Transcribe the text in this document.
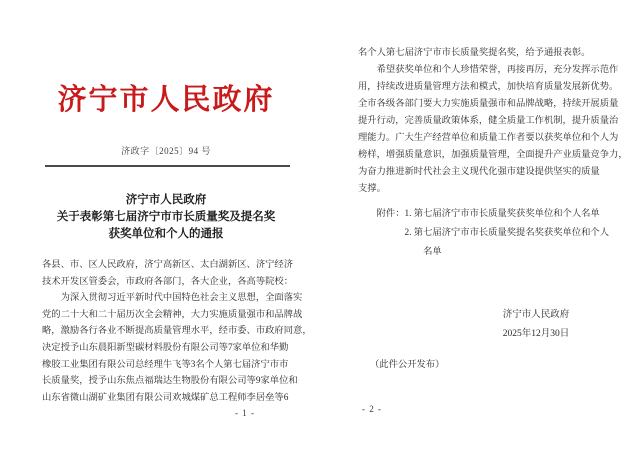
济宁市人民政府
济政字〔2025〕94 号
济宁市人民政府
关于表彰第七届济宁市市长质量奖及提名奖
获奖单位和个人的通报
各县、市、区人民政府，济宁高新区、太白湖新区、济宁经济
技术开发区管委会，市政府各部门，各大企业，各高等院校：
　　为深入贯彻习近平新时代中国特色社会主义思想，全面落实
党的二十大和二十届历次全会精神，大力实施质量强市和品牌战
略，激励各行各业不断提高质量管理水平，经市委、市政府同意，
决定授予山东晨阳新型碳材料股份有限公司等7家单位和华勤
橡胶工业集团有限公司总经理牛飞等3名个人第七届济宁市市
长质量奖，授予山东焦点福瑞达生物股份有限公司等9家单位和
山东省微山湖矿业集团有限公司欢城煤矿总工程师李居垒等6
- 1 -
名个人第七届济宁市市长质量奖提名奖，给予通报表彰。
　　希望获奖单位和个人珍惜荣誉，再接再厉，充分发挥示范作
用，持续改进质量管理方法和模式，加快培育质量发展新优势。
全市各级各部门要大力实施质量强市和品牌战略，持续开展质量
提升行动，完善质量政策体系，健全质量工作机制，提升质量治
理能力。广大生产经营单位和质量工作者要以获奖单位和个人为
榜样，增强质量意识，加强质量管理，全面提升产业质量竞争力，
为奋力推进新时代社会主义现代化强市建设提供坚实的质量
支撑。
　　附件：1. 第七届济宁市市长质量奖获奖单位和个人名单
　　　　　2. 第七届济宁市市长质量奖提名奖获奖单位和个人
　　　　　　　名单
济宁市人民政府
2025年12月30日
（此件公开发布）
- 2 -
